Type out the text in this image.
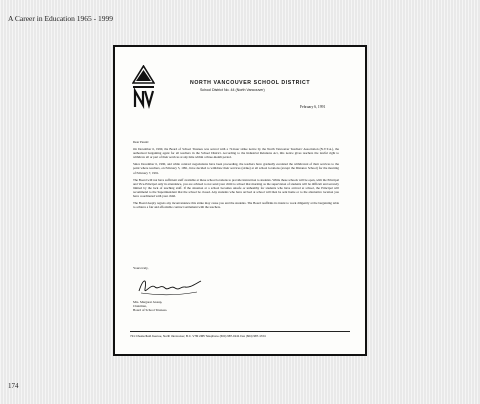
A Career in Education 1965 - 1999
NORTH VANCOUVER SCHOOL DISTRICT
School District No. 44 (North Vancouver)
February 6, 1991

Dear Parent:

On December 6, 1990, the Board of School Trustees was served with a 72-hour strike notice by the North Vancouver Teachers' Association (N.V.T.A.), the authorized bargaining agent for all teachers in the School District. According to the Industrial Relations Act, this notice gives teachers the lawful right to withdraw all or part of their services at any time within a three-month period.

Since December 6, 1990, and while contract negotiations have been proceeding, the teachers have gradually escalated the withdrawal of their services to the point where teachers, on February 5, 1991, have decided to withdraw their services (strike) at all school locations (except the Distance School) for the morning of February 7, 1991.

The Board will not have sufficient staff available at these school locations to provide instruction to students. While these schools will be open, with the Principal and Vice-Principal only in attendance, you are advised to not send your child to school that morning as the supervision of students will be difficult and severely limited by the lack of teaching staff. If the situation at a school becomes unsafe or unhealthy for students who have arrived at school, the Principal will recommend to the Superintendent that the school be closed. Any students who have arrived at school will then be sent home or to the alternative location you have coordinated with your child.

The Board deeply regrets any inconvenience this strike may cause you and the students. The Board reaffirms its intent to work diligently at the bargaining table to achieve a fair and affordable contract settlement with the teachers.

Yours truly,
Mrs. Margaret Jessup,
Chairman,
Board of School Trustees.
721 Chesterfield Avenue, North Vancouver, B.C. V7M 2M5 Telephone (604) 987-0141 Fax (604) 987-1724
174
